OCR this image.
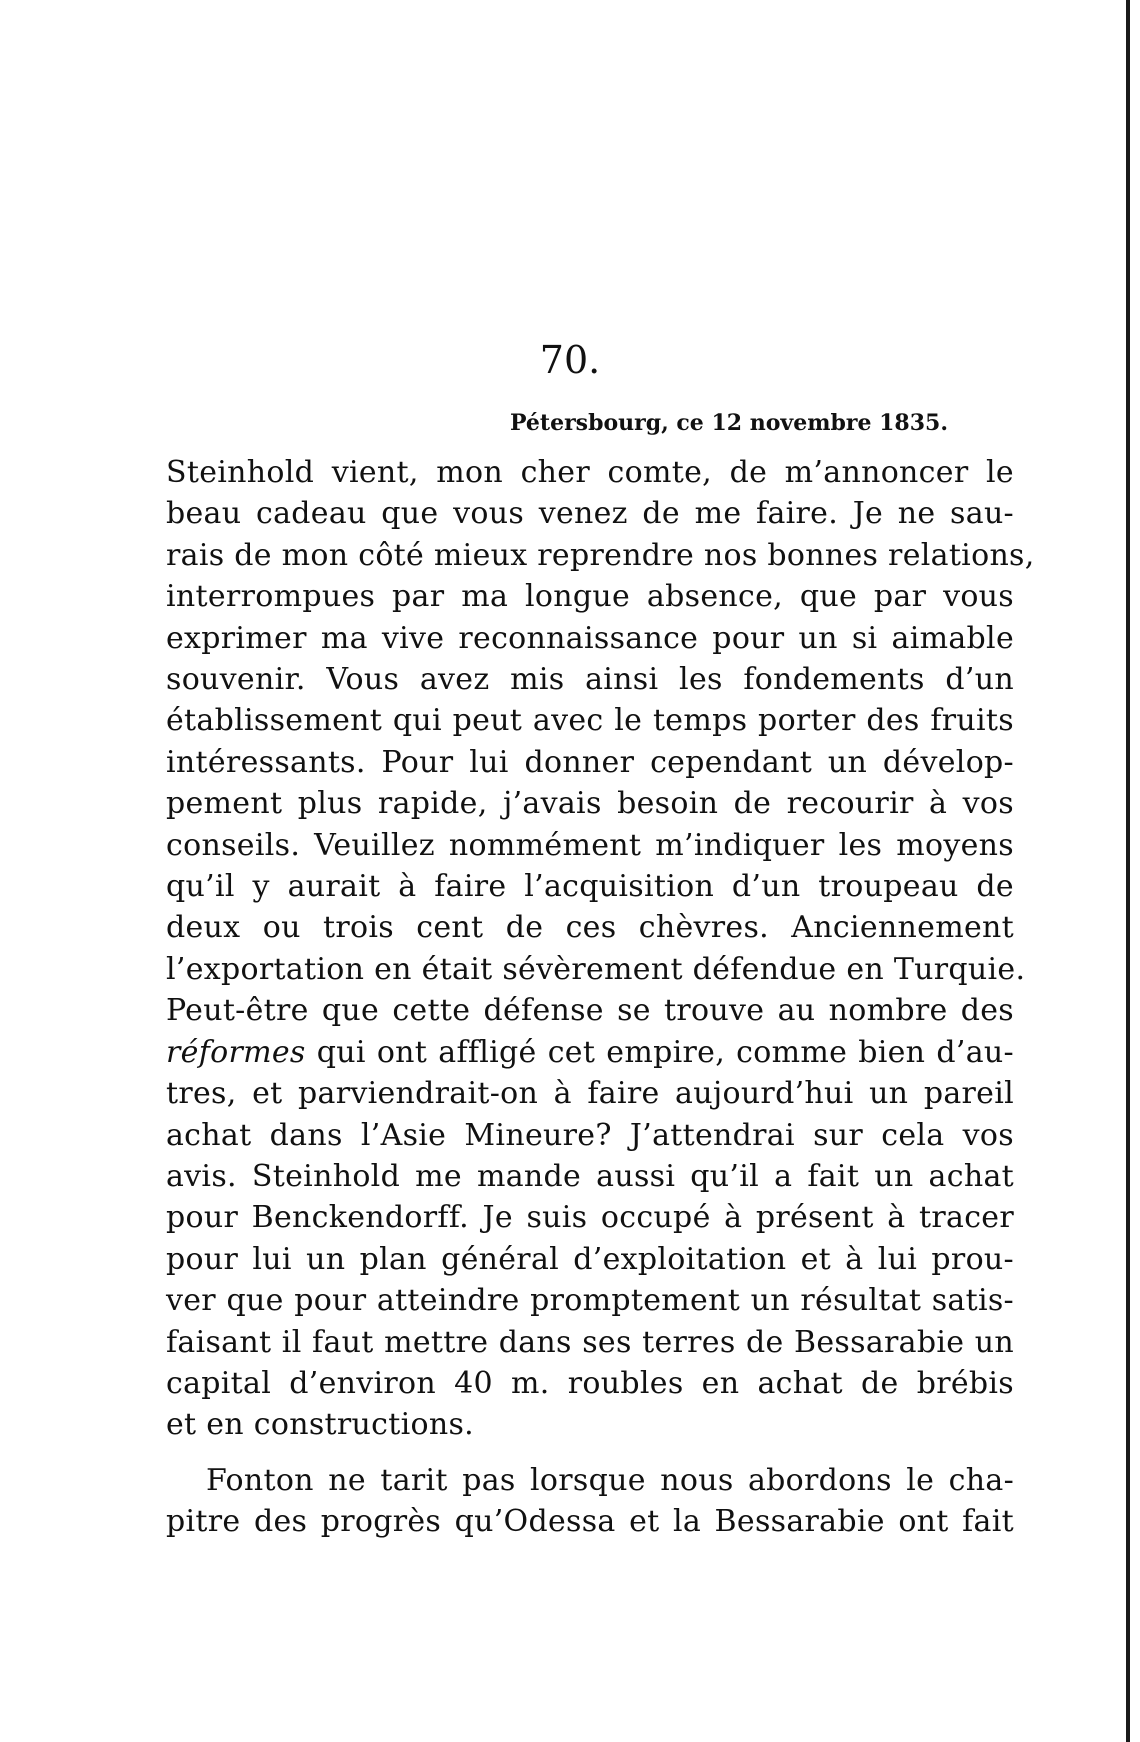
70.
Pétersbourg, ce 12 novembre 1835.
Steinhold vient, mon cher comte, de m’annoncer le
beau cadeau que vous venez de me faire. Je ne sau-
rais de mon côté mieux reprendre nos bonnes relations,
interrompues par ma longue absence, que par vous
exprimer ma vive reconnaissance pour un si aimable
souvenir. Vous avez mis ainsi les fondements d’un
établissement qui peut avec le temps porter des fruits
intéressants. Pour lui donner cependant un dévelop-
pement plus rapide, j’avais besoin de recourir à vos
conseils. Veuillez nommément m’indiquer les moyens
qu’il y aurait à faire l’acquisition d’un troupeau de
deux ou trois cent de ces chèvres. Anciennement
l’exportation en était sévèrement défendue en Turquie.
Peut-être que cette défense se trouve au nombre des
réformes qui ont affligé cet empire, comme bien d’au-
tres, et parviendrait-on à faire aujourd’hui un pareil
achat dans l’Asie Mineure? J’attendrai sur cela vos
avis. Steinhold me mande aussi qu’il a fait un achat
pour Benckendorff. Je suis occupé à présent à tracer
pour lui un plan général d’exploitation et à lui prou-
ver que pour atteindre promptement un résultat satis-
faisant il faut mettre dans ses terres de Bessarabie un
capital d’environ 40 m. roubles en achat de brébis
et en constructions.
Fonton ne tarit pas lorsque nous abordons le cha-
pitre des progrès qu’Odessa et la Bessarabie ont fait
